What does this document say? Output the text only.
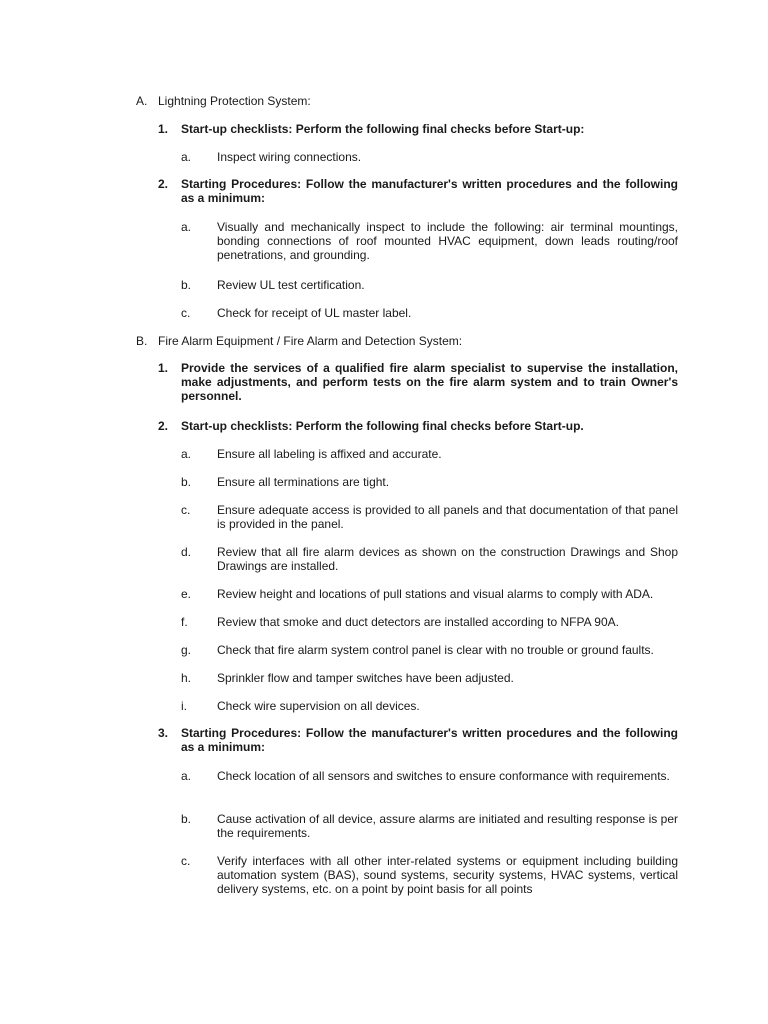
A. Lightning Protection System:
1. Start-up checklists: Perform the following final checks before Start-up:
a. Inspect wiring connections.
2. Starting Procedures: Follow the manufacturer's written procedures and the following as a minimum:
a. Visually and mechanically inspect to include the following: air terminal mountings, bonding connections of roof mounted HVAC equipment, down leads routing/roof penetrations, and grounding.
b. Review UL test certification.
c. Check for receipt of UL master label.
B. Fire Alarm Equipment / Fire Alarm and Detection System:
1. Provide the services of a qualified fire alarm specialist to supervise the installation, make adjustments, and perform tests on the fire alarm system and to train Owner's personnel.
2. Start-up checklists: Perform the following final checks before Start-up.
a. Ensure all labeling is affixed and accurate.
b. Ensure all terminations are tight.
c. Ensure adequate access is provided to all panels and that documentation of that panel is provided in the panel.
d. Review that all fire alarm devices as shown on the construction Drawings and Shop Drawings are installed.
e. Review height and locations of pull stations and visual alarms to comply with ADA.
f. Review that smoke and duct detectors are installed according to NFPA 90A.
g. Check that fire alarm system control panel is clear with no trouble or ground faults.
h. Sprinkler flow and tamper switches have been adjusted.
i.	Check wire supervision on all devices.
3. Starting Procedures: Follow the manufacturer's written procedures and the following as a minimum:
a. Check location of all sensors and switches to ensure conformance with requirements.
b. Cause activation of all device, assure alarms are initiated and resulting response is per the requirements.
c. Verify interfaces with all other inter-related systems or equipment including building automation system (BAS), sound systems, security systems, HVAC systems, vertical delivery systems, etc. on a point by point basis for all points
